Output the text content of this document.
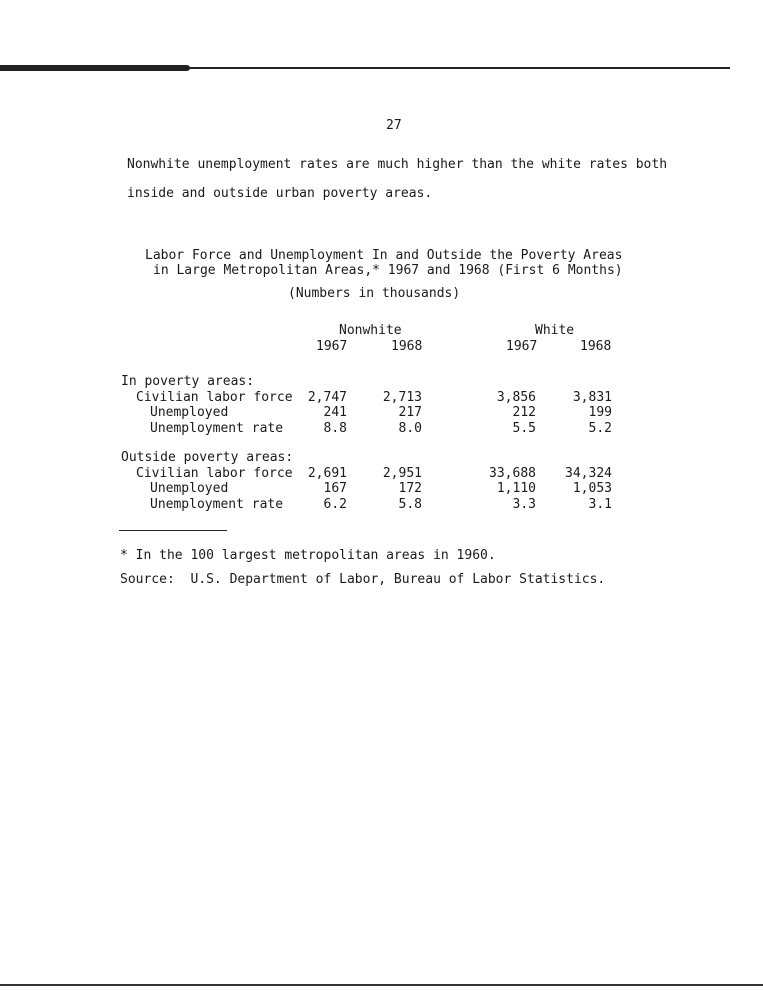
27
Nonwhite unemployment rates are much higher than the white rates both inside and outside urban poverty areas.
Labor Force and Unemployment In and Outside the Poverty Areas
in Large Metropolitan Areas,* 1967 and 1968 (First 6 Months)
(Numbers in thousands)
Nonwhite	White
1967	1968	1967	1968
In poverty areas:
Civilian labor force	2,747	2,713	3,856	3,831
Unemployed	241	217	212	199
Unemployment rate	8.8	8.0	5.5	5.2
Outside poverty areas:
Civilian labor force	2,691	2,951	33,688	34,324
Unemployed	167	172	1,110	1,053
Unemployment rate	6.2	5.8	3.3	3.1
* In the 100 largest metropolitan areas in 1960.
Source:  U.S. Department of Labor, Bureau of Labor Statistics.
